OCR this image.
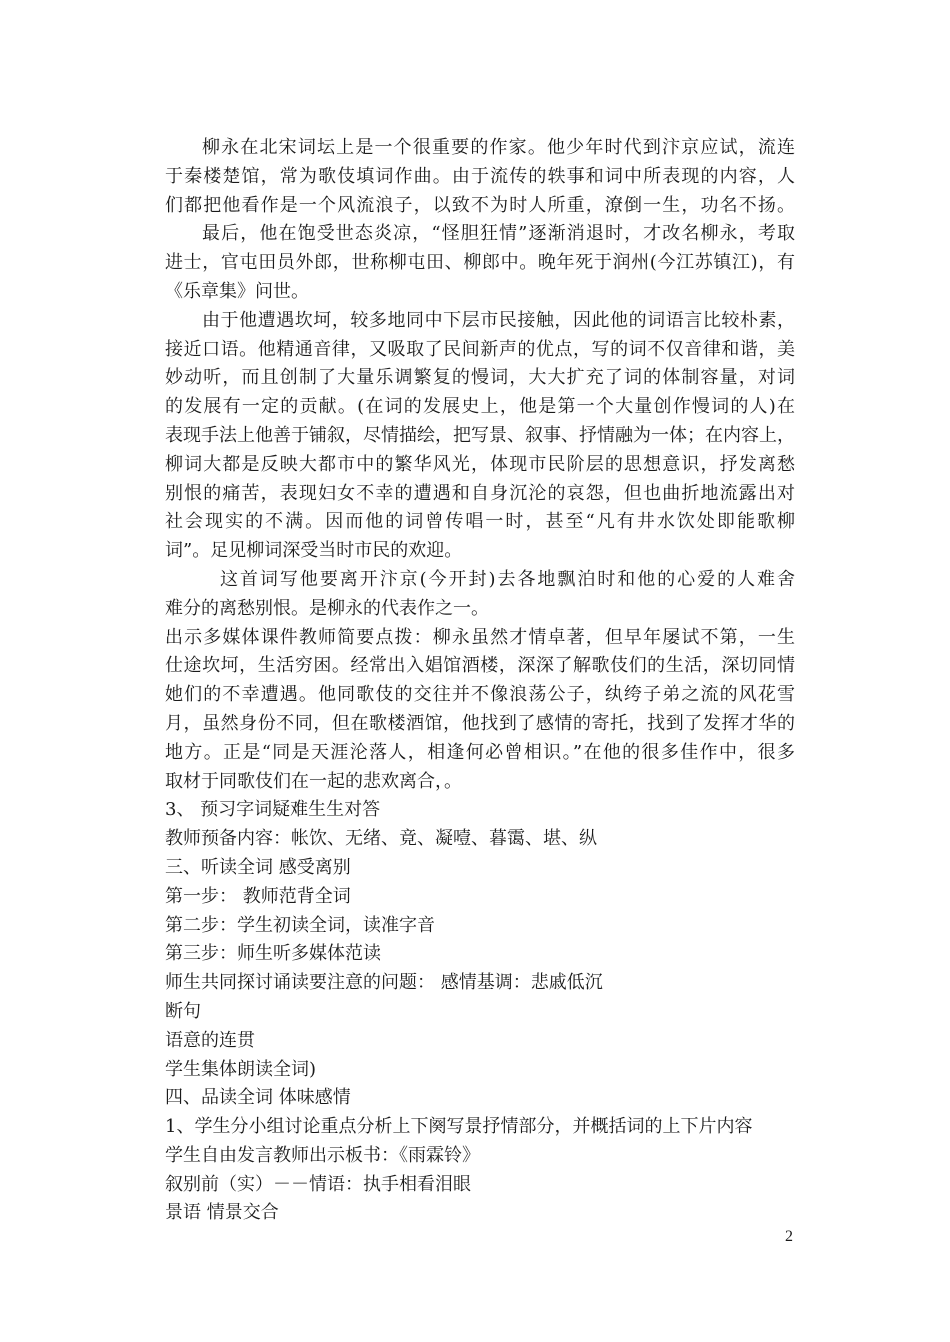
柳永在北宋词坛上是一个很重要的作家。他少年时代到汴京应试，流连
于秦楼楚馆，常为歌伎填词作曲。由于流传的轶事和词中所表现的内容，人
们都把他看作是一个风流浪子，以致不为时人所重，潦倒一生，功名不扬。
最后，他在饱受世态炎凉，“怪胆狂情”逐渐消退时，才改名柳永，考取
进士，官屯田员外郎，世称柳屯田、柳郎中。晚年死于润州(今江苏镇江)，有
《乐章集》问世。
由于他遭遇坎坷，较多地同中下层市民接触，因此他的词语言比较朴素，
接近口语。他精通音律，又吸取了民间新声的优点，写的词不仅音律和谐，美
妙动听，而且创制了大量乐调繁复的慢词，大大扩充了词的体制容量，对词
的发展有一定的贡献。(在词的发展史上，他是第一个大量创作慢词的人)在
表现手法上他善于铺叙，尽情描绘，把写景、叙事、抒情融为一体；在内容上，
柳词大都是反映大都市中的繁华风光，体现市民阶层的思想意识，抒发离愁
别恨的痛苦，表现妇女不幸的遭遇和自身沉沦的哀怨，但也曲折地流露出对
社会现实的不满。因而他的词曾传唱一时，甚至“凡有井水饮处即能歌柳
词”。足见柳词深受当时市民的欢迎。
这首词写他要离开汴京(今开封)去各地飘泊时和他的心爱的人难舍
难分的离愁别恨。是柳永的代表作之一。
出示多媒体课件教师简要点拨：柳永虽然才情卓著，但早年屡试不第，一生
仕途坎坷，生活穷困。经常出入娼馆酒楼，深深了解歌伎们的生活，深切同情
她们的不幸遭遇。他同歌伎的交往并不像浪荡公子，纨绔子弟之流的风花雪
月，虽然身份不同，但在歌楼酒馆，他找到了感情的寄托，找到了发挥才华的
地方。正是“同是天涯沦落人，相逢何必曾相识。”在他的很多佳作中，很多
取材于同歌伎们在一起的悲欢离合，。
3、 预习字词疑难生生对答
教师预备内容：帐饮、无绪、竟、凝噎、暮霭、堪、纵
三、听读全词 感受离别
第一步： 教师范背全词
第二步：学生初读全词，读准字音
第三步：师生听多媒体范读
师生共同探讨诵读要注意的问题： 感情基调：悲戚低沉
断句
语意的连贯
学生集体朗读全词)
四、品读全词 体味感情
1、学生分小组讨论重点分析上下阕写景抒情部分，并概括词的上下片内容
学生自由发言教师出示板书：《雨霖铃》
叙别前（实）－－情语：执手相看泪眼
景语 情景交合
2
